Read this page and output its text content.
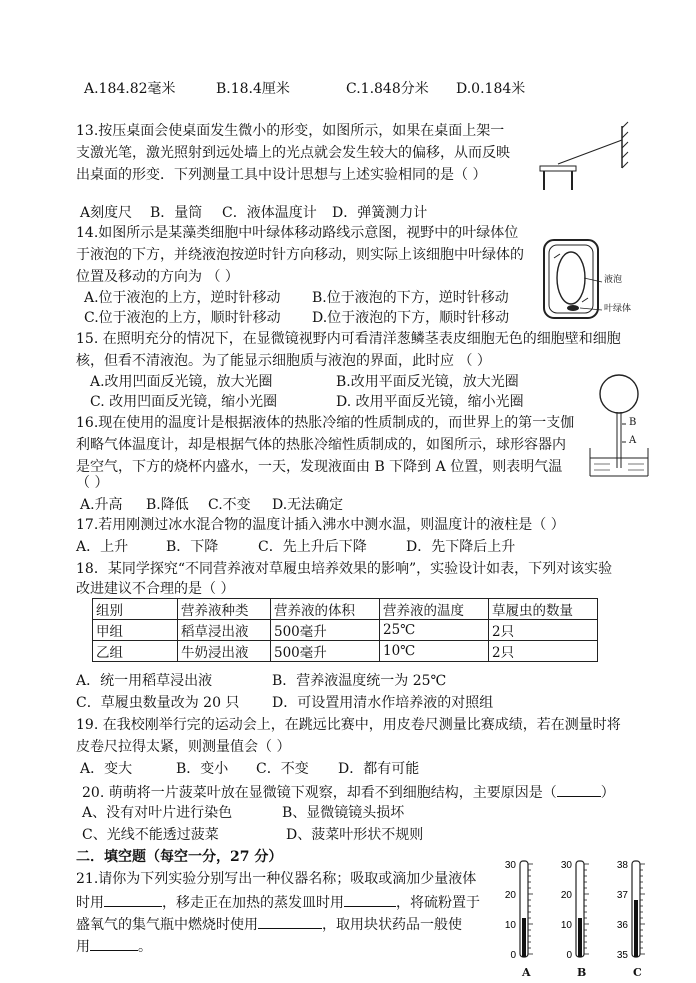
A.184.82毫米	B.18.4厘米	C.1.848分米 D.0.184米
13.按压桌面会使桌面发生微小的形变，如图所示，如果在桌面上架一
支激光笔，激光照射到远处墙上的光点就会发生较大的偏移，从而反映
出桌面的形变．下列测量工具中设计思想与上述实验相同的是（ ）
A刻度尺 B．量筒 C．液体温度计 D．弹簧测力计
14.如图所示是某藻类细胞中叶绿体移动路线示意图，视野中的叶绿体位
于液泡的下方，并绕液泡按逆时针方向移动，则实际上该细胞中叶绿体的
位置及移动的方向为 （ ）
A.位于液泡的上方，逆时针移动 B.位于液泡的下方，逆时针移动
C.位于液泡的上方，顺时针移动 D.位于液泡的下方，顺时针移动
液泡
叶绿体
15. 在照明充分的情况下，在显微镜视野内可看清洋葱鳞茎表皮细胞无色的细胞壁和细胞
核，但看不清液泡。为了能显示细胞质与液泡的界面，此时应 （ ）
A.改用凹面反光镜，放大光圈	B.改用平面反光镜，放大光圈
C. 改用凹面反光镜，缩小光圈	D. 改用平面反光镜，缩小光圈
B
A
16.现在使用的温度计是根据液体的热胀冷缩的性质制成的，而世界上的第一支伽
利略气体温度计，却是根据气体的热胀冷缩性质制成的，如图所示，球形容器内
是空气，下方的烧杯内盛水，一天，发现液面由 B 下降到 A 位置，则表明气温
（ ）
A.升高 B.降低 C.不变 D.无法确定
17.若用刚测过冰水混合物的温度计插入沸水中测水温，则温度计的液柱是（ ）
A．上升	B．下降	C．先上升后下降	D．先下降后上升
18．某同学探究“不同营养液对草履虫培养效果的影响”，实验设计如表，下列对该实验
改进建议不合理的是（ ）
组别	营养液种类	营养液的体积	营养液的温度	草履虫的数量
甲组	稻草浸出液	500毫升	25℃	2只
乙组	牛奶浸出液	500毫升	10℃	2只
A．统一用稻草浸出液	B．营养液温度统一为 25℃
C．草履虫数量改为 20 只 D．可设置用清水作培养液的对照组
19. 在我校刚举行完的运动会上，在跳远比赛中，用皮卷尺测量比赛成绩，若在测量时将
皮卷尺拉得太紧，则测量值会（ ）
A．变大	B．变小 C．不变 D．都有可能
20. 萌萌将一片菠菜叶放在显微镜下观察，却看不到细胞结构，主要原因是（	）
A、没有对叶片进行染色	B、显微镜镜头损坏
C、光线不能透过菠菜	D、菠菜叶形状不规则
二．填空题（每空一分，27 分）
21.请你为下列实验分别写出一种仪器名称；吸取或滴加少量液体
时用	，移走正在加热的蒸发皿时用	，将硫粉置于
盛氧气的集气瓶中燃烧时使用	，取用块状药品一般使
用	。
30
20
10
0
30
20
10
0
38
37
36
35
A	B	C
